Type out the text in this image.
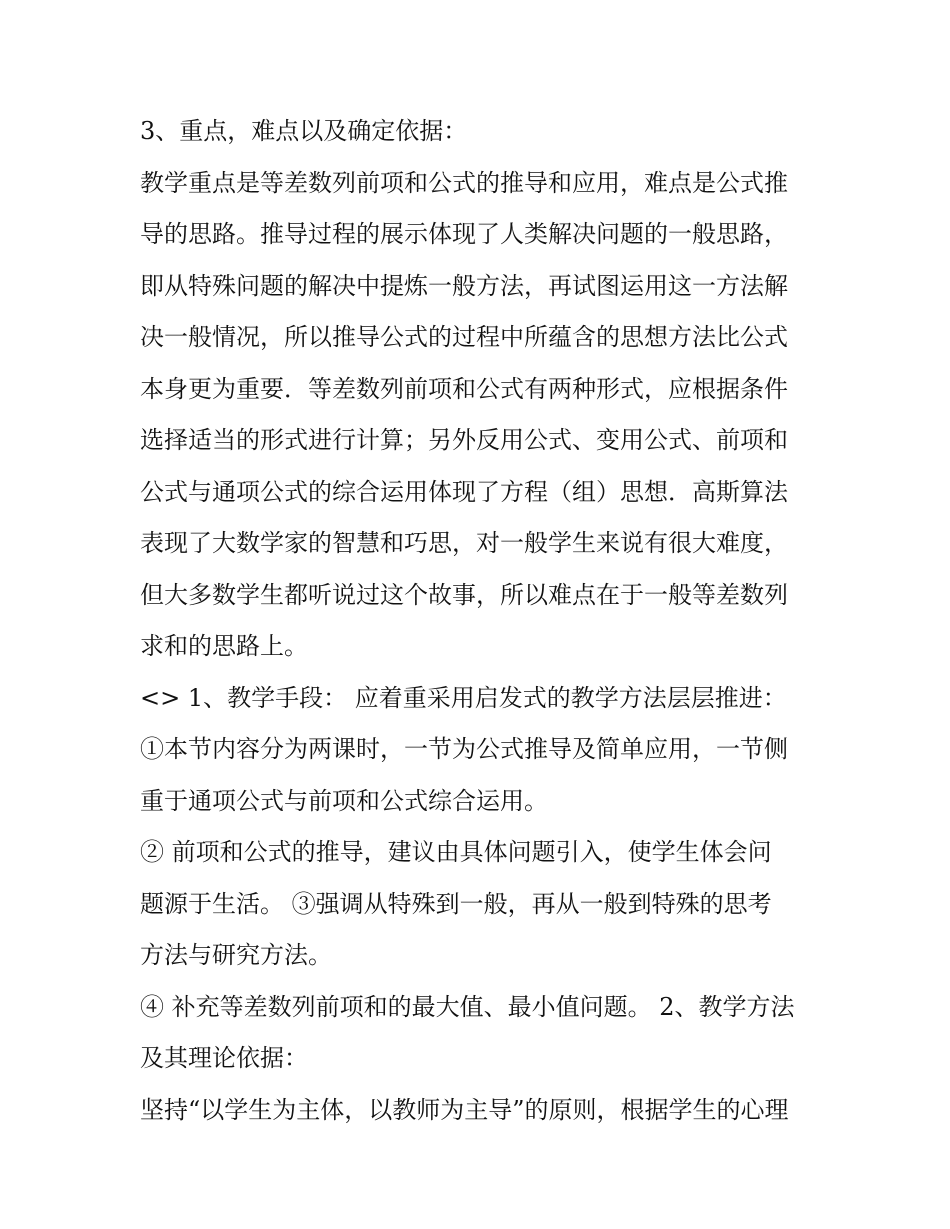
3、重点，难点以及确定依据：
教学重点是等差数列前项和公式的推导和应用，难点是公式推
导的思路。推导过程的展示体现了人类解决问题的一般思路，
即从特殊问题的解决中提炼一般方法，再试图运用这一方法解
决一般情况，所以推导公式的过程中所蕴含的思想方法比公式
本身更为重要．等差数列前项和公式有两种形式，应根据条件
选择适当的形式进行计算；另外反用公式、变用公式、前项和
公式与通项公式的综合运用体现了方程（组）思想．高斯算法
表现了大数学家的智慧和巧思，对一般学生来说有很大难度，
但大多数学生都听说过这个故事，所以难点在于一般等差数列
求和的思路上。
<> 1、教学手段： 应着重采用启发式的教学方法层层推进：
①本节内容分为两课时，一节为公式推导及简单应用，一节侧
重于通项公式与前项和公式综合运用。
② 前项和公式的推导，建议由具体问题引入，使学生体会问
题源于生活。 ③强调从特殊到一般，再从一般到特殊的思考
方法与研究方法。
④ 补充等差数列前项和的最大值、最小值问题。 2、教学方法
及其理论依据：
坚持“以学生为主体，以教师为主导”的原则，根据学生的心理
